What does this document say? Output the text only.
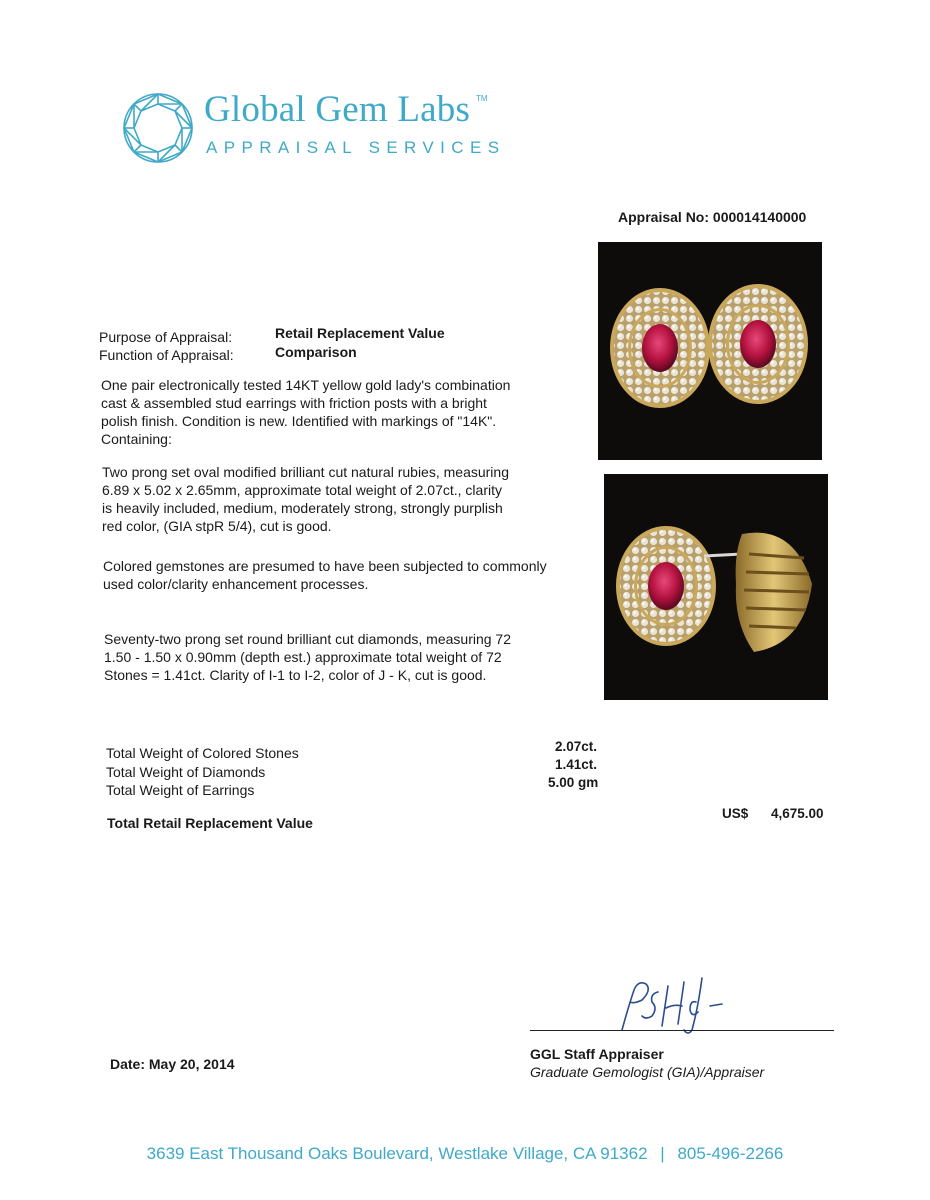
Global Gem Labs TM
APPRAISAL SERVICES
Appraisal No: 000014140000
Purpose of Appraisal:	Retail Replacement Value
Function of Appraisal:	Comparison
One pair electronically tested 14KT yellow gold lady's combination
cast & assembled stud earrings with friction posts with a bright
polish finish. Condition is new. Identified with markings of "14K".
Containing:
Two prong set oval modified brilliant cut natural rubies, measuring
6.89 x 5.02 x 2.65mm, approximate total weight of 2.07ct., clarity
is heavily included, medium, moderately strong, strongly purplish
red color, (GIA stpR 5/4), cut is good.
Colored gemstones are presumed to have been subjected to commonly
used color/clarity enhancement processes.
Seventy-two prong set round brilliant cut diamonds, measuring 72
1.50 - 1.50 x 0.90mm (depth est.) approximate total weight of 72
Stones = 1.41ct. Clarity of I-1 to I-2, color of J - K, cut is good.
Total Weight of Colored Stones	2.07ct.
Total Weight of Diamonds	1.41ct.
Total Weight of Earrings	5.00 gm
Total Retail Replacement Value
US$ 4,675.00
GGL Staff Appraiser
Graduate Gemologist (GIA)/Appraiser
Date: May 20, 2014
3639 East Thousand Oaks Boulevard, Westlake Village, CA 91362 | 805-496-2266
